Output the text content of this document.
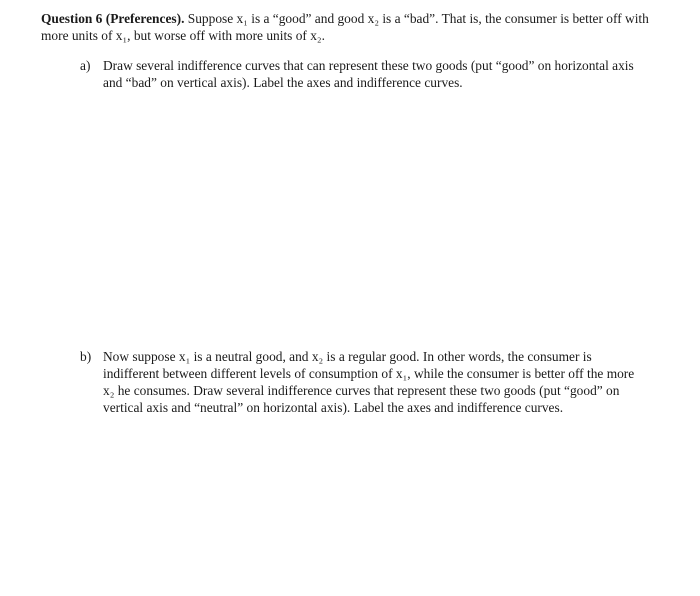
Question 6 (Preferences). Suppose x₁ is a “good” and good x₂ is a “bad”. That is, the consumer is better off with more units of x₁, but worse off with more units of x₂.
a) Draw several indifference curves that can represent these two goods (put “good” on horizontal axis and “bad” on vertical axis). Label the axes and indifference curves.
b) Now suppose x₁ is a neutral good, and x₂ is a regular good. In other words, the consumer is indifferent between different levels of consumption of x₁, while the consumer is better off the more x₂ he consumes. Draw several indifference curves that represent these two goods (put “good” on vertical axis and “neutral” on horizontal axis). Label the axes and indifference curves.
